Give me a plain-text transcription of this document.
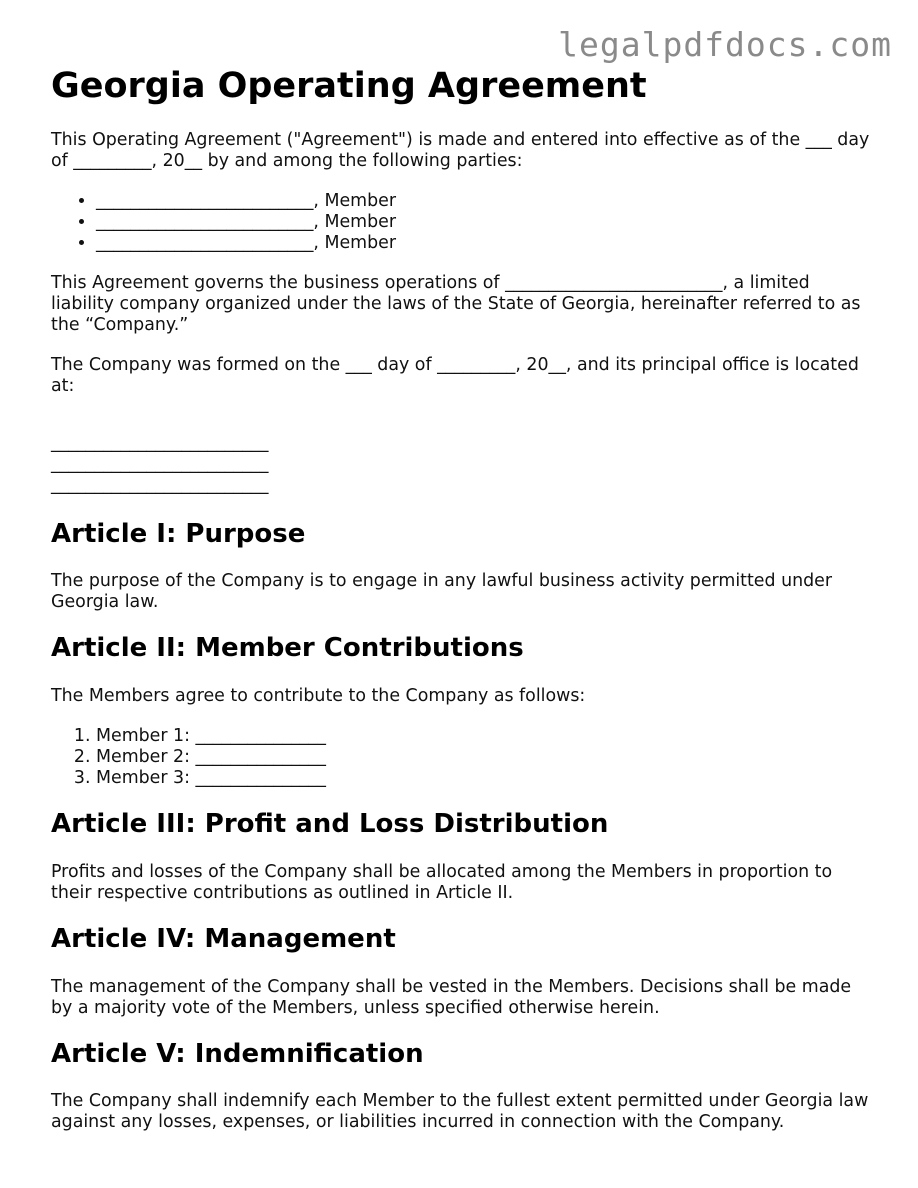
legalpdfdocs.com
Georgia Operating Agreement

This Operating Agreement ("Agreement") is made and entered into effective as of the ___ day of _________, 20__ by and among the following parties:

• _________________________, Member
• _________________________, Member
• _________________________, Member

This Agreement governs the business operations of _________________________, a limited liability company organized under the laws of the State of Georgia, hereinafter referred to as the “Company.”

The Company was formed on the ___ day of _________, 20__, and its principal office is located at:

_________________________
_________________________
_________________________
Article I: Purpose

The purpose of the Company is to engage in any lawful business activity permitted under Georgia law.

Article II: Member Contributions

The Members agree to contribute to the Company as follows:

1. Member 1: _______________
2. Member 2: _______________
3. Member 3: _______________
Article III: Profit and Loss Distribution

Profits and losses of the Company shall be allocated among the Members in proportion to their respective contributions as outlined in Article II.

Article IV: Management

The management of the Company shall be vested in the Members. Decisions shall be made by a majority vote of the Members, unless specified otherwise herein.

Article V: Indemnification

The Company shall indemnify each Member to the fullest extent permitted under Georgia law against any losses, expenses, or liabilities incurred in connection with the Company.
